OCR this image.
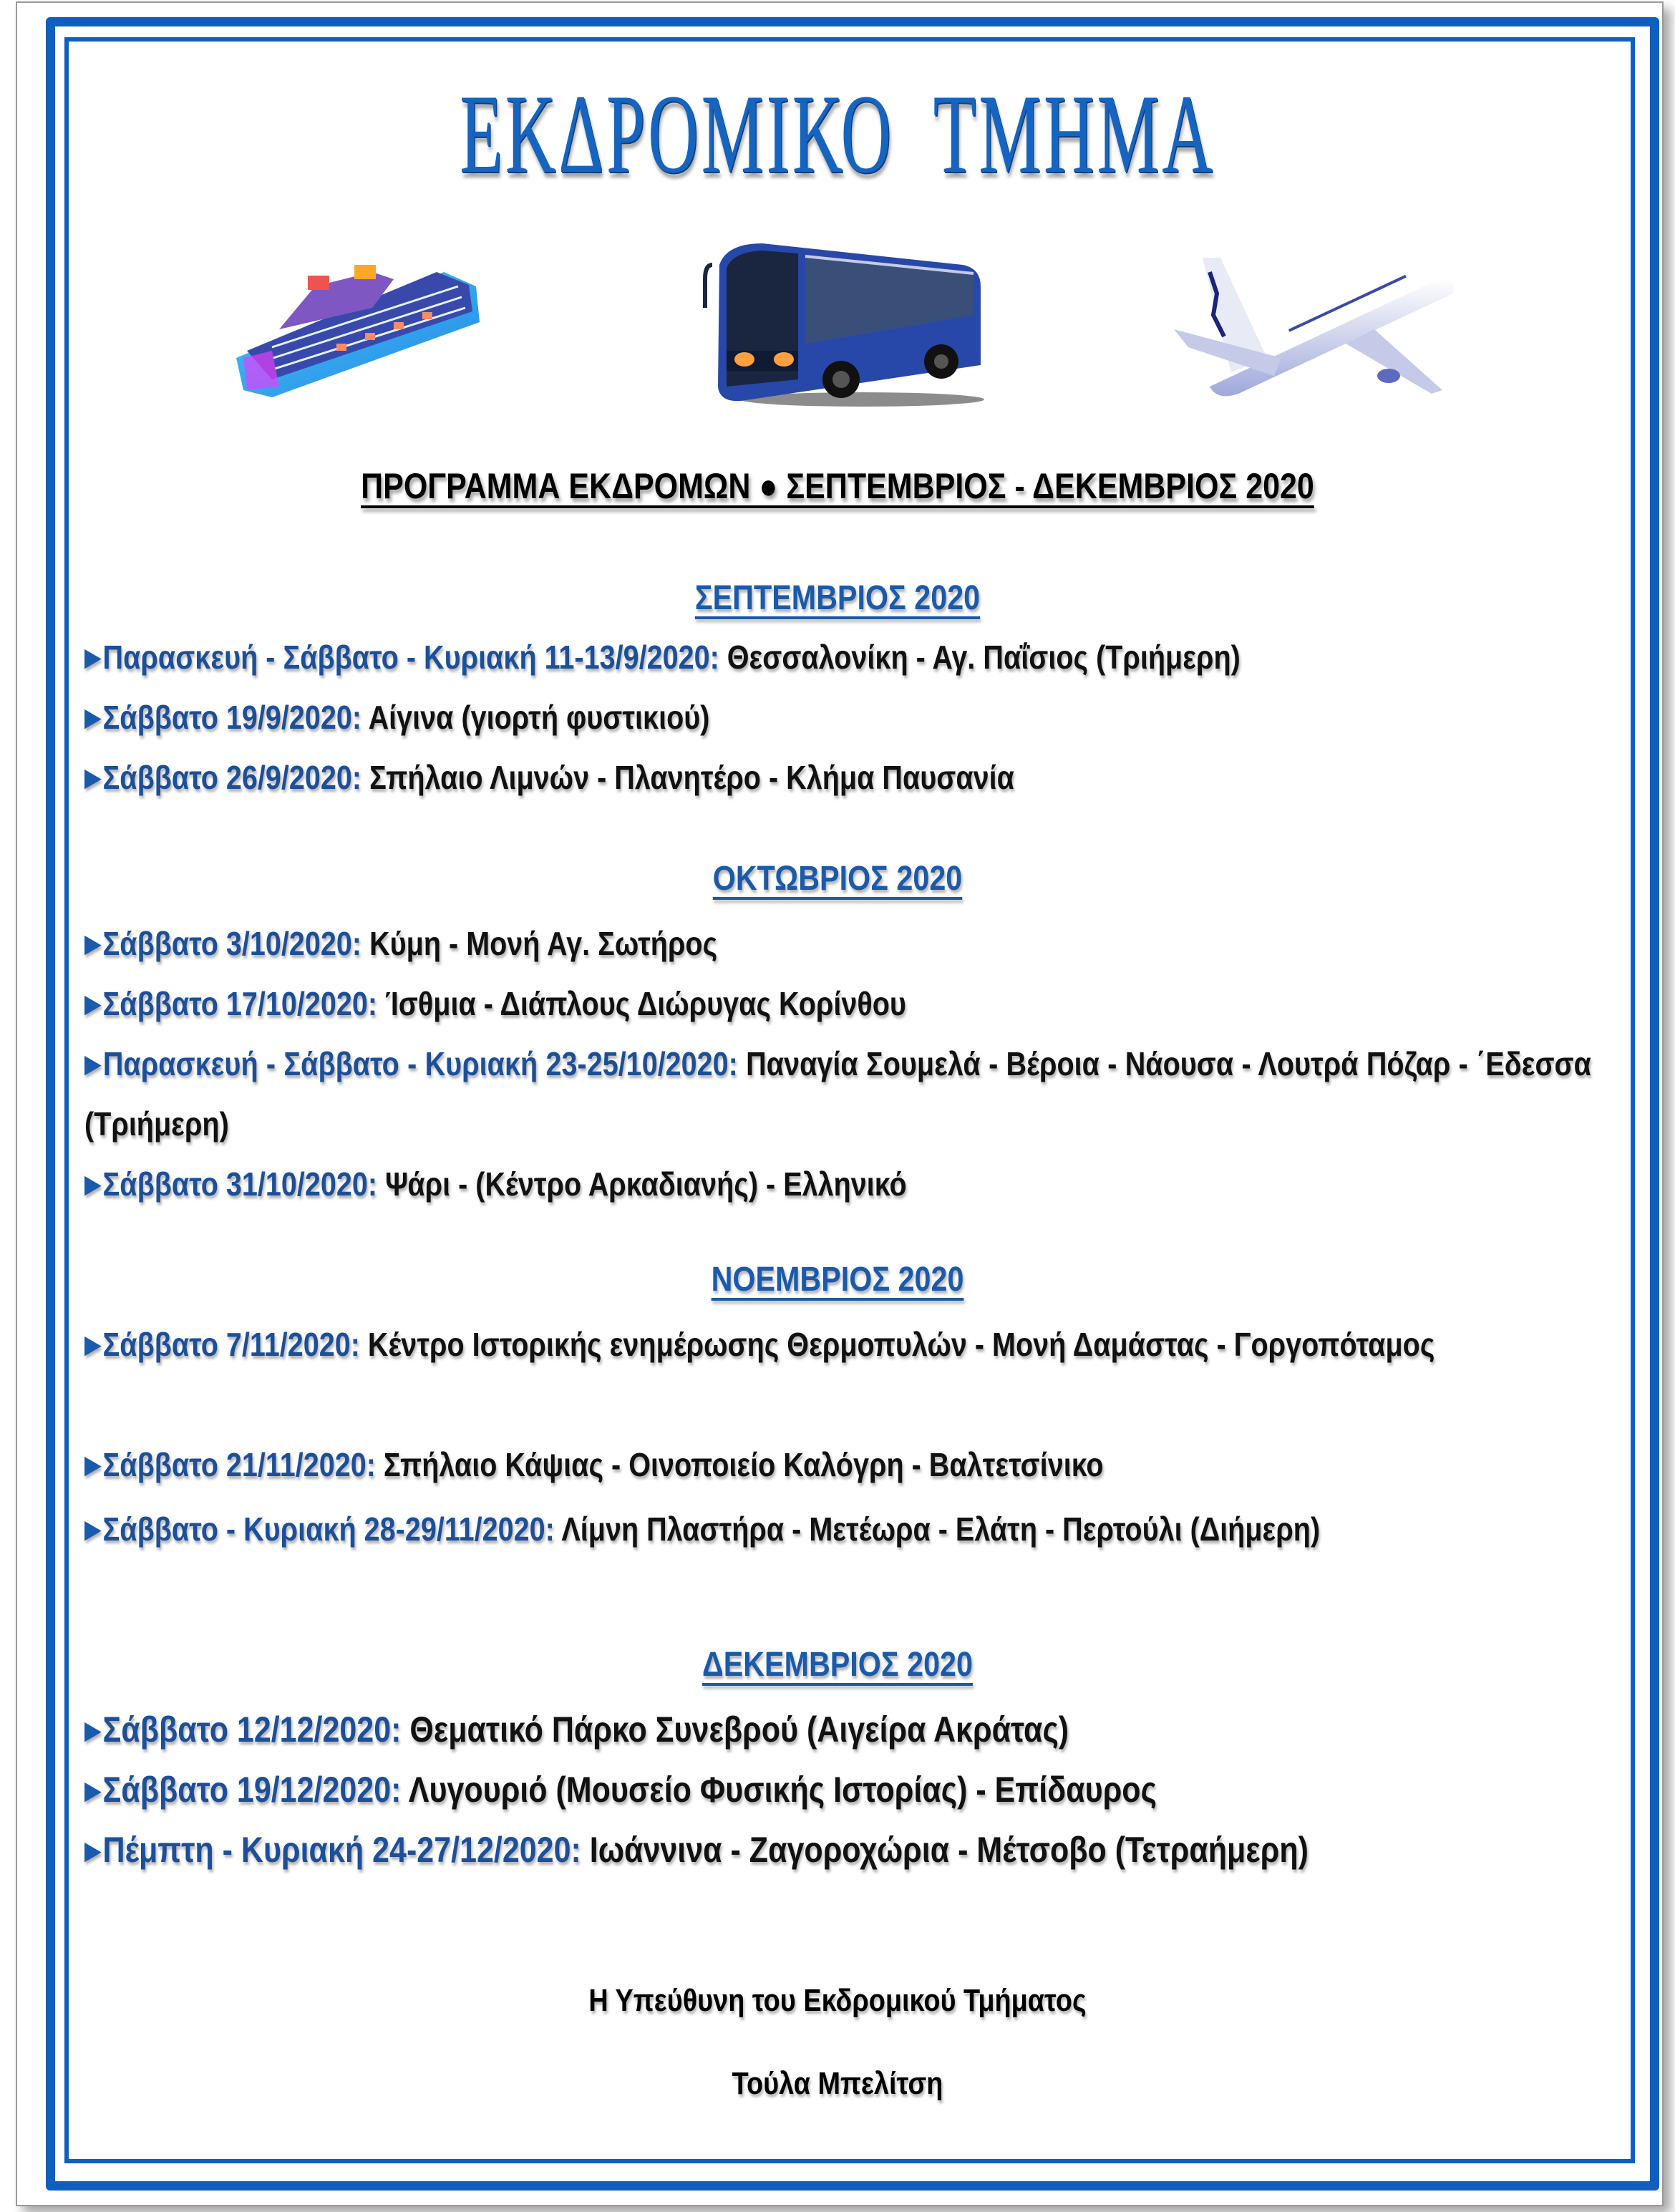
ΕΚΔΡΟΜΙΚΟ  ΤΜΗΜΑ
ΠΡΟΓΡΑΜΜΑ ΕΚΔΡΟΜΩΝ ● ΣΕΠΤΕΜΒΡΙΟΣ - ΔΕΚΕΜΒΡΙΟΣ 2020
ΣΕΠΤΕΜΒΡΙΟΣ 2020
▶Παρασκευή - Σάββατο - Κυριακή 11-13/9/2020: Θεσσαλονίκη - Αγ. Παΐσιος (Τριήμερη)
▶Σάββατο 19/9/2020: Αίγινα (γιορτή φυστικιού)
▶Σάββατο 26/9/2020: Σπήλαιο Λιμνών - Πλανητέρο - Κλήμα Παυσανία
ΟΚΤΩΒΡΙΟΣ 2020
▶Σάββατο 3/10/2020: Κύμη - Μονή Αγ. Σωτήρος
▶Σάββατο 17/10/2020: Ίσθμια - Διάπλους Διώρυγας Κορίνθου
▶Παρασκευή - Σάββατο - Κυριακή 23-25/10/2020: Παναγία Σουμελά - Βέροια - Νάουσα - Λουτρά Πόζαρ - ΄Εδεσσα (Τριήμερη)
▶Σάββατο 31/10/2020: Ψάρι - (Κέντρο Αρκαδιανής) - Ελληνικό
ΝΟΕΜΒΡΙΟΣ 2020
▶Σάββατο 7/11/2020: Κέντρο Ιστορικής ενημέρωσης Θερμοπυλών - Μονή Δαμάστας - Γοργοπόταμος
▶Σάββατο 21/11/2020: Σπήλαιο Κάψιας - Οινοποιείο Καλόγρη - Βαλτετσίνικο
▶Σάββατο - Κυριακή 28-29/11/2020: Λίμνη Πλαστήρα - Μετέωρα - Ελάτη - Περτούλι (Διήμερη)
ΔΕΚΕΜΒΡΙΟΣ 2020
▶Σάββατο 12/12/2020: Θεματικό Πάρκο Συνεβρού (Αιγείρα Ακράτας)
▶Σάββατο 19/12/2020: Λυγουριό (Μουσείο Φυσικής Ιστορίας) - Επίδαυρος
▶Πέμπτη - Κυριακή 24-27/12/2020: Ιωάννινα - Ζαγοροχώρια - Μέτσοβο (Τετραήμερη)
Η Υπεύθυνη του Εκδρομικού Τμήματος
Τούλα Μπελίτση
